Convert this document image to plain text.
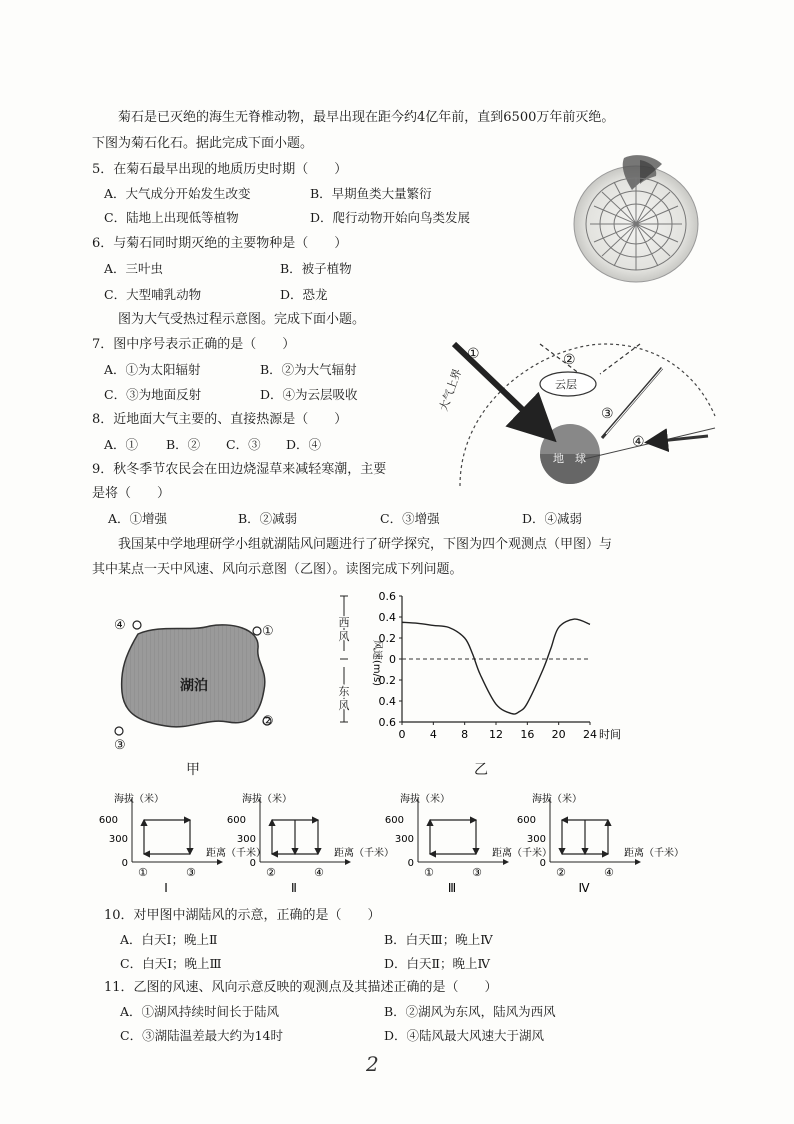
菊石是已灭绝的海生无脊椎动物，最早出现在距今约4亿年前，直到6500万年前灭绝。
下图为菊石化石。据此完成下面小题。
5．在菊石最早出现的地质历史时期（　　）
A．大气成分开始发生改变	B．早期鱼类大量繁衍
C．陆地上出现低等植物	D．爬行动物开始向鸟类发展
6．与菊石同时期灭绝的主要物种是（　　）
A．三叶虫	B．被子植物
C．大型哺乳动物	D．恐龙
图为大气受热过程示意图。完成下面小题。
7．图中序号表示正确的是（　　）
A．①为太阳辐射	B．②为大气辐射
C．③为地面反射	D．④为云层吸收
8．近地面大气主要的、直接热源是（　　）
A．① B．② C．③ D．④
9．秋冬季节农民会在田边烧湿草来减轻寒潮，主要
是将（　　）
A．①增强	B．②减弱	C．③增强	D．④减弱
①	②
云层
③
④
地　球
大气上界
我国某中学地理研学小组就湖陆风问题进行了研学探究，下图为四个观测点（甲图）与
其中某点一天中风速、风向示意图（乙图）。读图完成下列问题。
湖泊
①
②
③
④
甲
0.6
0.4
0.2
0
0.2
0.4
0.6
0 4 8 12 16 20 24 时间
风速(m/s)
西
风
东
风
乙
海拔（米）
600
300
0
距离（千米）
①	③
Ⅰ
海拔（米）
600
300
0
距离（千米）
②	④
Ⅱ
海拔（米）
600
300
0
距离（千米）
①	③
Ⅲ
海拔（米）
600
300
0
距离（千米）
②	④
Ⅳ
10．对甲图中湖陆风的示意，正确的是（　　）
A．白天Ⅰ；晚上Ⅱ	B．白天Ⅲ；晚上Ⅳ
C．白天Ⅰ；晚上Ⅲ	D．白天Ⅱ；晚上Ⅳ
11．乙图的风速、风向示意反映的观测点及其描述正确的是（　　）
A．①湖风持续时间长于陆风	B．②湖风为东风，陆风为西风
C．③湖陆温差最大约为14时	D．④陆风最大风速大于湖风
2
